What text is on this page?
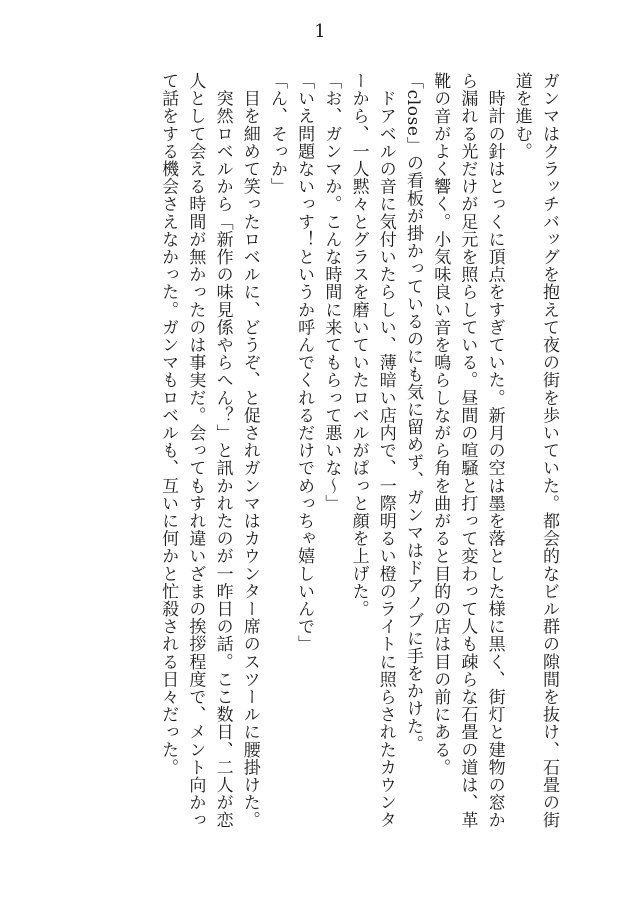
1

ガンマはクラッチバッグを抱えて夜の街を歩いていた。都会的なビル群の隙間を抜け、石畳の街道を進む。

　時計の針はとっくに頂点をすぎていた。新月の空は墨を落とした様に黒く、街灯と建物の窓から漏れる光だけが足元を照らしている。昼間の喧騒と打って変わって人も疎らな石畳の道は、革靴の音がよく響く。小気味良い音を鳴らしながら角を曲がると目的の店は目の前にある。「close」の看板が掛かっているのにも気に留めず、ガンマはドアノブに手をかけた。

　ドアベルの音に気付いたらしい、薄暗い店内で、一際明るい橙のライトに照らされたカウンターから、一人黙々とグラスを磨いていたロベルがぱっと顔を上げた。

「お、ガンマか。こんな時間に来てもらって悪いな～」

「いえ問題ないっす！というか呼んでくれるだけでめっちゃ嬉しいんで」

「ん、そっか」

　目を細めて笑ったロベルに、どうぞ、と促されガンマはカウンター席のスツールに腰掛けた。

　突然ロベルから「新作の味見係やらへん？」と訊かれたのが一昨日の話。ここ数日、二人が恋人として会える時間が無かったのは事実だ。会ってもすれ違いざまの挨拶程度で、メント向かって話をする機会さえなかった。ガンマもロベルも、互いに何かと忙殺される日々だった。
